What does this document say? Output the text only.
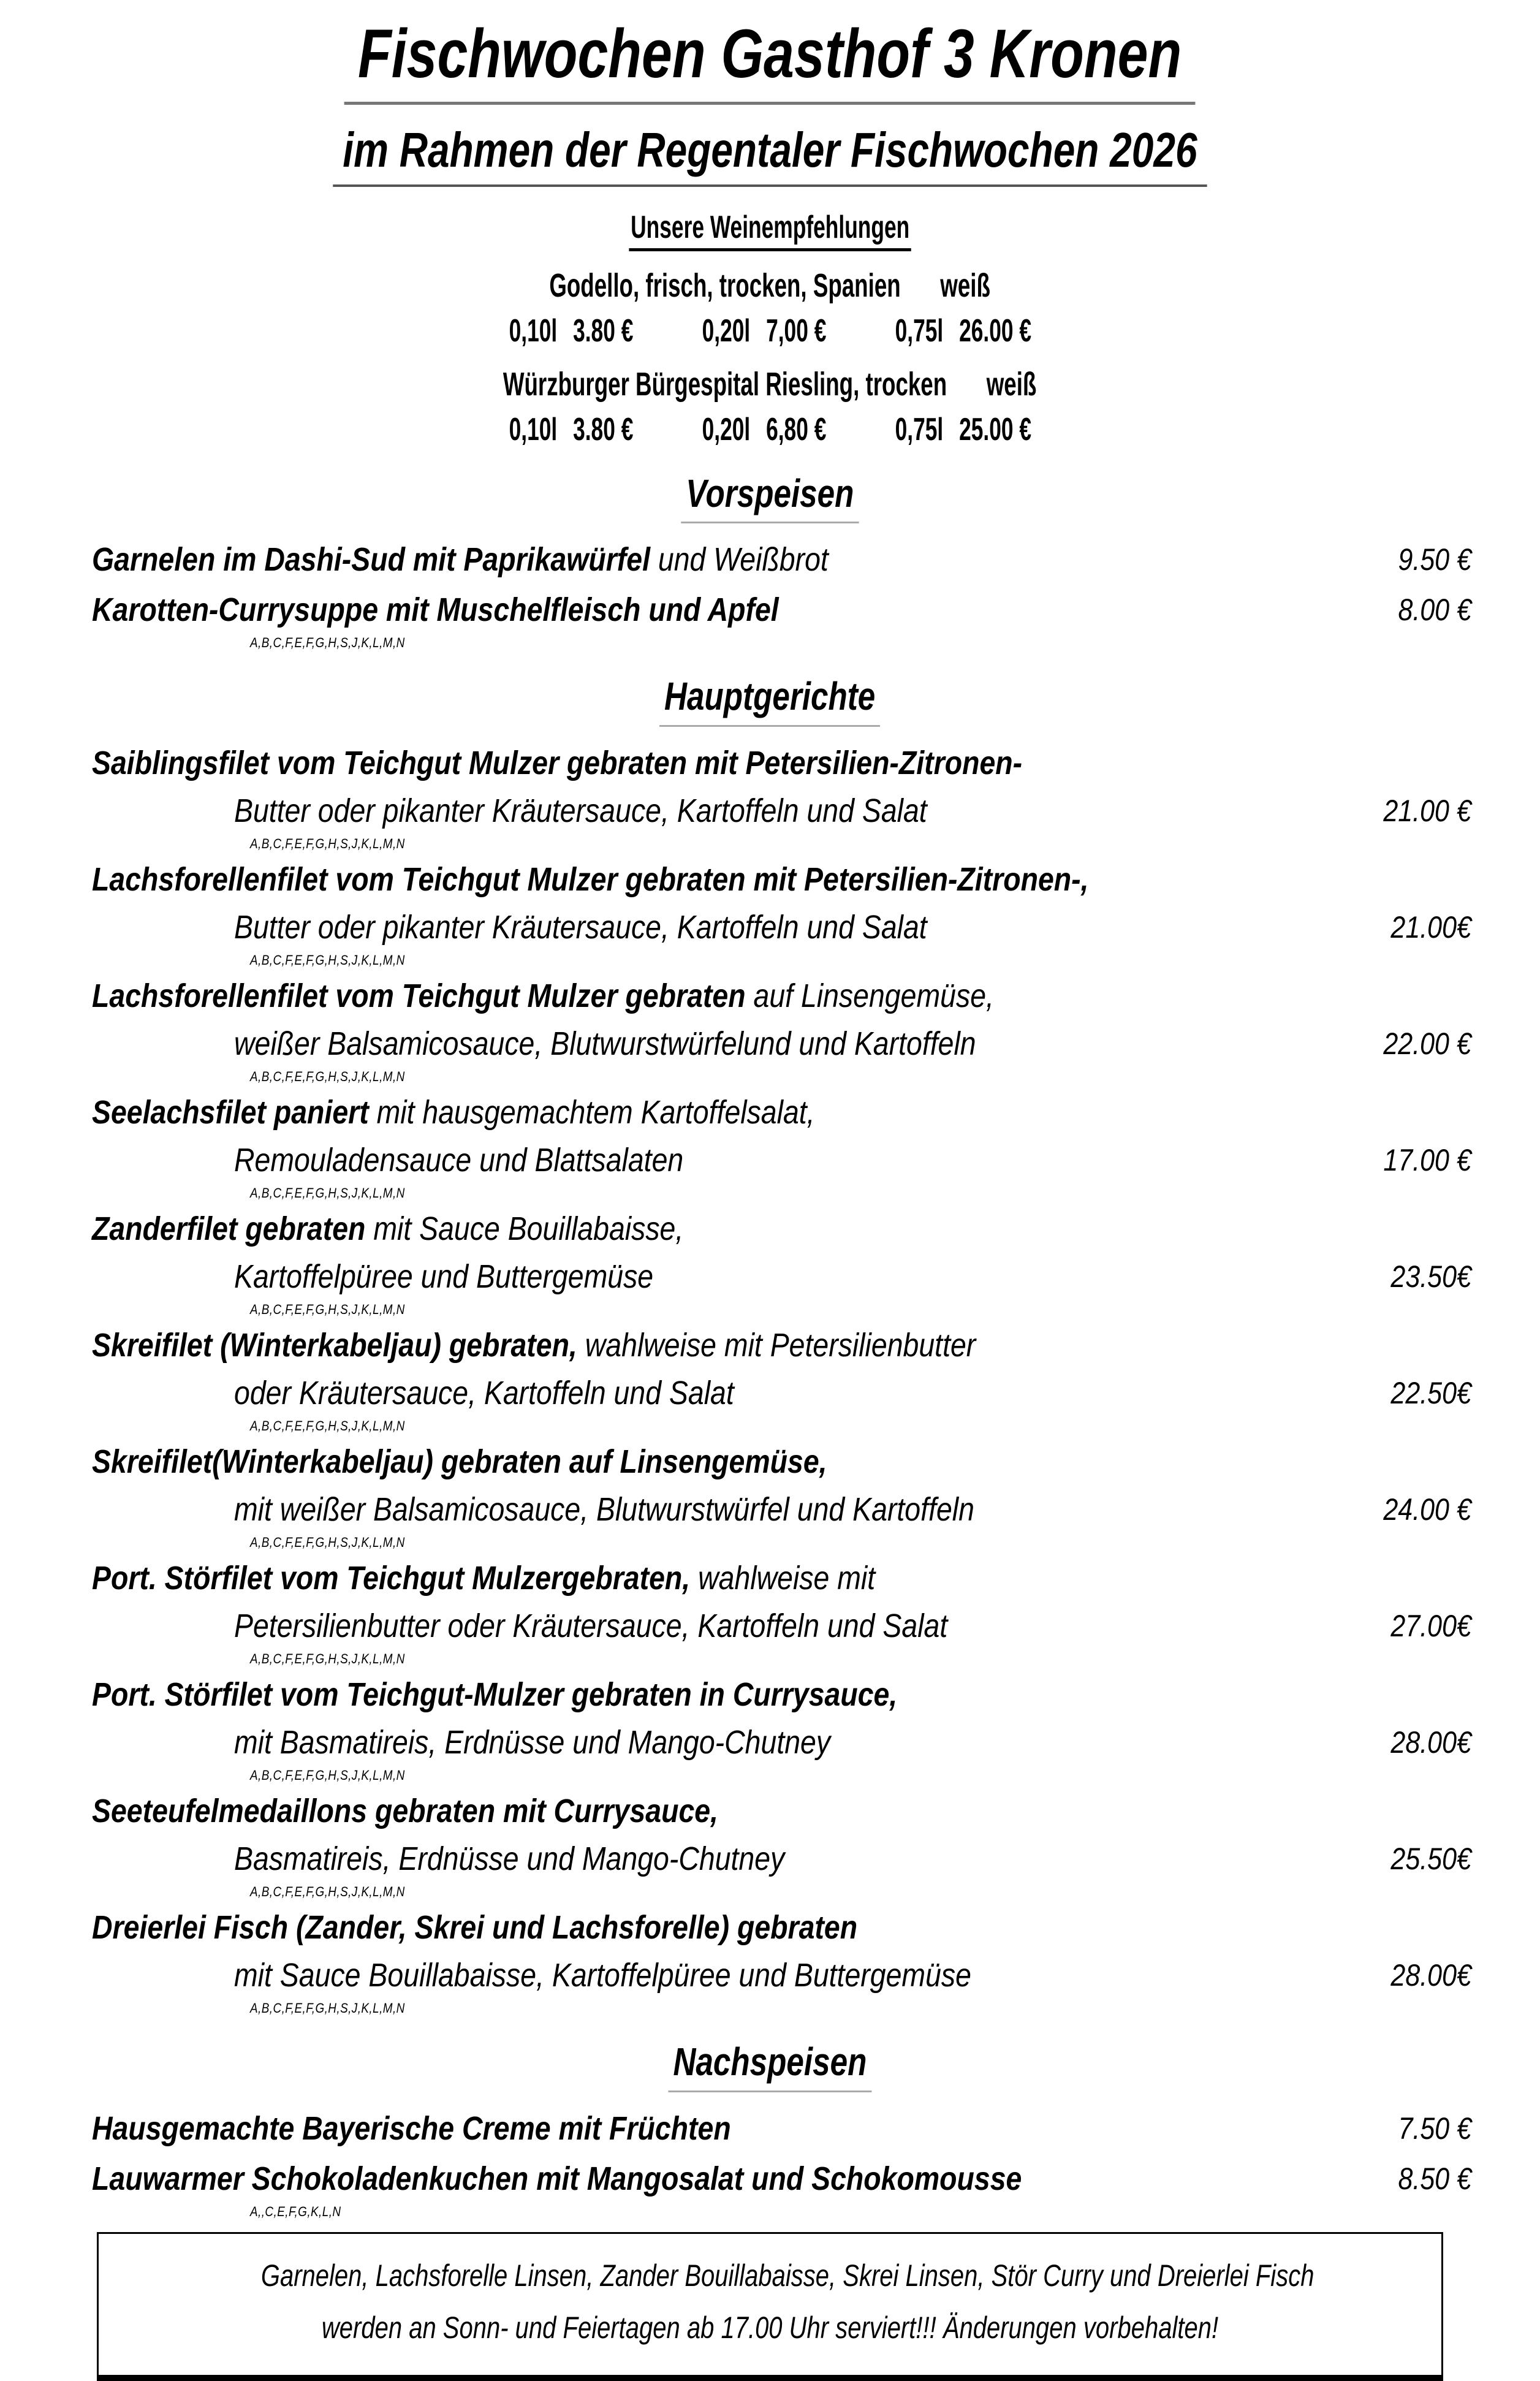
Fischwochen Gasthof 3 Kronen
im Rahmen der Regentaler Fischwochen 2026
Unsere Weinempfehlungen
Godello, frisch, trocken, Spanien weiß
0,10l 3.80 € 0,20l 7,00 € 0,75l 26.00 €
Würzburger Bürgespital Riesling, trocken weiß
0,10l 3.80 € 0,20l 6,80 € 0,75l 25.00 €
Vorspeisen
Garnelen im Dashi-Sud mit Paprikawürfel und Weißbrot	9.50 €
Karotten-Currysuppe mit Muschelfleisch und Apfel	8.00 €
A,B,C,F,E,F,G,H,S,J,K,L,M,N
Hauptgerichte
Saiblingsfilet vom Teichgut Mulzer gebraten mit Petersilien-Zitronen-
Butter oder pikanter Kräutersauce, Kartoffeln und Salat	21.00 €
A,B,C,F,E,F,G,H,S,J,K,L,M,N
Lachsforellenfilet vom Teichgut Mulzer gebraten mit Petersilien-Zitronen-,
Butter oder pikanter Kräutersauce, Kartoffeln und Salat	21.00€
A,B,C,F,E,F,G,H,S,J,K,L,M,N
Lachsforellenfilet vom Teichgut Mulzer gebraten auf Linsengemüse,
weißer Balsamicosauce, Blutwurstwürfelund und Kartoffeln	22.00 €
A,B,C,F,E,F,G,H,S,J,K,L,M,N
Seelachsfilet paniert mit hausgemachtem Kartoffelsalat,
Remouladensauce und Blattsalaten	17.00 €
A,B,C,F,E,F,G,H,S,J,K,L,M,N
Zanderfilet gebraten mit Sauce Bouillabaisse,
Kartoffelpüree und Buttergemüse	23.50€
A,B,C,F,E,F,G,H,S,J,K,L,M,N
Skreifilet (Winterkabeljau) gebraten, wahlweise mit Petersilienbutter
oder Kräutersauce, Kartoffeln und Salat	22.50€
A,B,C,F,E,F,G,H,S,J,K,L,M,N
Skreifilet(Winterkabeljau) gebraten auf Linsengemüse,
mit weißer Balsamicosauce, Blutwurstwürfel und Kartoffeln	24.00 €
A,B,C,F,E,F,G,H,S,J,K,L,M,N
Port. Störfilet vom Teichgut Mulzergebraten, wahlweise mit
Petersilienbutter oder Kräutersauce, Kartoffeln und Salat	27.00€
A,B,C,F,E,F,G,H,S,J,K,L,M,N
Port. Störfilet vom Teichgut-Mulzer gebraten in Currysauce,
mit Basmatireis, Erdnüsse und Mango-Chutney	28.00€
A,B,C,F,E,F,G,H,S,J,K,L,M,N
Seeteufelmedaillons gebraten mit Currysauce,
Basmatireis, Erdnüsse und Mango-Chutney	25.50€
A,B,C,F,E,F,G,H,S,J,K,L,M,N
Dreierlei Fisch (Zander, Skrei und Lachsforelle) gebraten
mit Sauce Bouillabaisse, Kartoffelpüree und Buttergemüse	28.00€
A,B,C,F,E,F,G,H,S,J,K,L,M,N
Nachspeisen
Hausgemachte Bayerische Creme mit Früchten	7.50 €
Lauwarmer Schokoladenkuchen mit Mangosalat und Schokomousse	8.50 €
A,,C,E,F,G,K,L,N

Garnelen, Lachsforelle Linsen, Zander Bouillabaisse, Skrei Linsen, Stör Curry und Dreierlei Fisch

werden an Sonn- und Feiertagen ab 17.00 Uhr serviert!!! Änderungen vorbehalten!
